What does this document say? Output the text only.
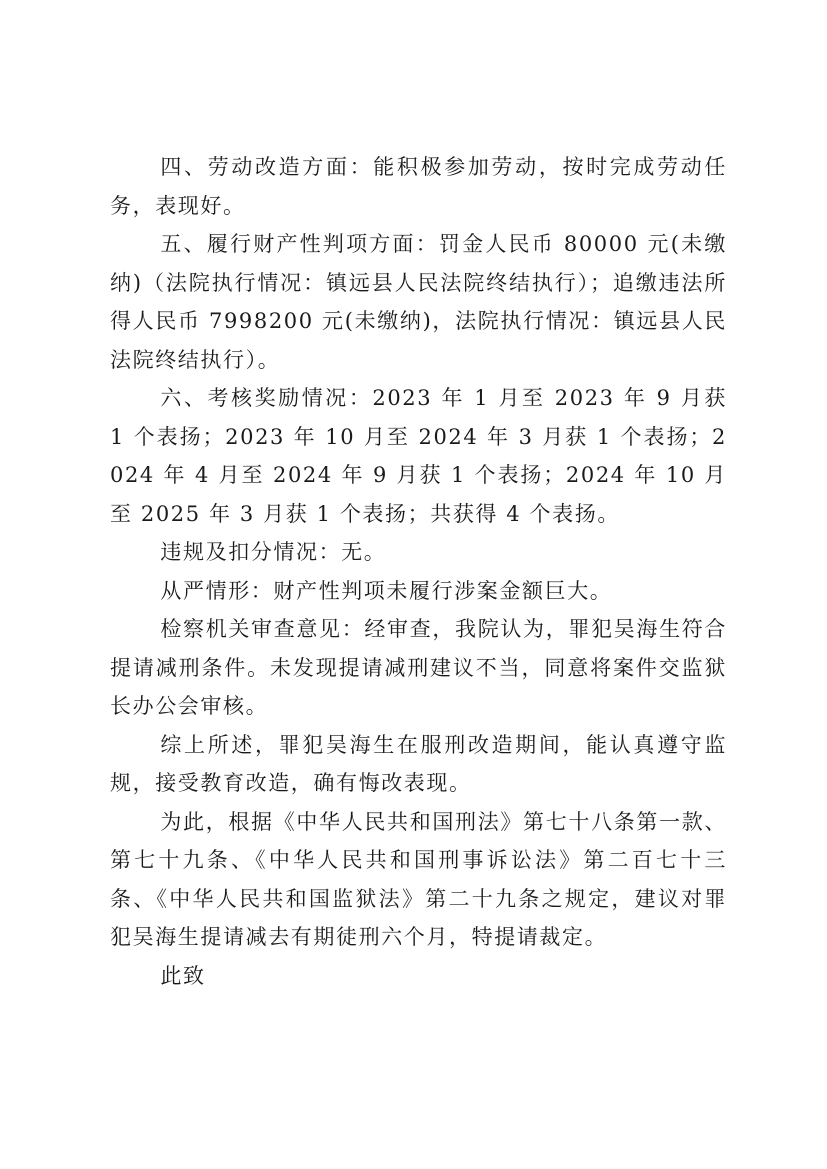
四、劳动改造方面：能积极参加劳动，按时完成劳动任务，表现好。

五、履行财产性判项方面：罚金人民币 80000 元(未缴纳)（法院执行情况：镇远县人民法院终结执行）；追缴违法所得人民币 7998200 元(未缴纳)，法院执行情况：镇远县人民法院终结执行）。

六、考核奖励情况：2023 年 1 月至 2023 年 9 月获 1 个表扬；2023 年 10 月至 2024 年 3 月获 1 个表扬；2024 年 4 月至 2024 年 9 月获 1 个表扬；2024 年 10 月至 2025 年 3 月获 1 个表扬；共获得 4 个表扬。

违规及扣分情况：无。

从严情形：财产性判项未履行涉案金额巨大。

检察机关审查意见：经审查，我院认为，罪犯吴海生符合提请减刑条件。未发现提请减刑建议不当，同意将案件交监狱长办公会审核。

综上所述，罪犯吴海生在服刑改造期间，能认真遵守监规，接受教育改造，确有悔改表现。

为此，根据《中华人民共和国刑法》第七十八条第一款、第七十九条、《中华人民共和国刑事诉讼法》第二百七十三条、《中华人民共和国监狱法》第二十九条之规定，建议对罪犯吴海生提请减去有期徒刑六个月，特提请裁定。

此致
